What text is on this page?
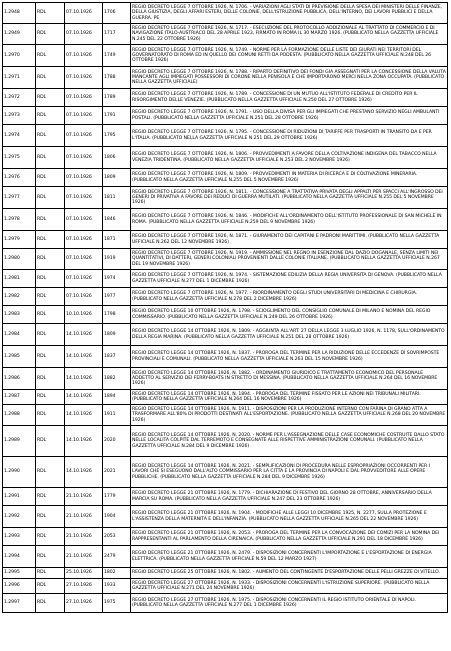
1.2948	RDL	07.10.1926	1706	REGIO DECRETO LEGGE 7 OTTOBRE 1926, N. 1706. - VARIAZIONI AGLI STATI DI PREVISIONE DELLA SPESA DEI MINISTERI DELLE FINANZE, DELLA GIUSTIZIA, DEGLI AFFARI ESTERI, DELLE COLONIE, DELL'ISTRUZIONE PUBBLICA, DELL'INTERNO, DEI LAVORI PUBBLICI E DELLA GUERRA. PE
1.2949	RDL	07.10.1926	1717	REGIO DECRETO LEGGE 7 OTTOBRE 1926, N. 1717. - ESECUZIONE DEL PROTOCOLLO ADDIZIONALE AL TRATTATO DI COMMERCIO E DI NAVIGAZIONE ITALO-AUSTRIACO DEL 28 APRILE 1923, FIRMATO IN ROMA IL 30 MARZO 1926. (PUBBLICATO NELLA GAZZETTA UFFICIALE N.245 DEL 22 OTTOBRE 1926)
1.2970	RDL	07.10.1926	1749	REGIO DECRETO LEGGE 7 OTTOBRE 1926, N. 1749. - NORME PER LA FORMAZIONE DELLE LISTE DEI GIURATI NEI TERRITORI DEL GOVERNATORATO DI ROMA ED IN QUELLO DEI COMUNI RETTI DA PODESTA. (PUBBLICATO NELLA GAZZETTA UFFICIALE N.248 DEL 26 OTTOBRE 1926)
1.2971	RDL	07.10.1926	1788	REGIO DECRETO LEGGE 7 OTTOBRE 1926, N. 1788. - RIPARTO DEFINITIVO DEI FONDI GIA ASSEGNATI PER LA CONCESSIONE DELLA VALUTA MANCANTE AGLI IMPIEGATI POSSESSORI DI CORONE NELLA PENISOLA E CHE IMPORTARONO MERCI NELLA ZONA OCCUPATA. (PUBBLICATO NELLA GAZZETTA UFFICIALE)
1.2972	RDL	07.10.1926	1789	REGIO DECRETO LEGGE 7 OTTOBRE 1926, N. 1789. - CONCESSIONE DI UN MUTUO ALL'ISTITUTO FEDERALE DI CREDITO PER IL RISORGIMENTO DELLE VENEZIE. (PUBBLICATO NELLA GAZZETTA UFFICIALE N.250 DEL 27 OTTOBRE 1926)
1.2973	RDL	07.10.1926	1791	REGIO DECRETO LEGGE 7 OTTOBRE 1926, N. 1791. - USO DELLA DIVISA PER GLI IMPIEGATI CHE PRESTANO SERVIZIO NEGLI AMBULANTI POSTALI. (PUBBLICATO NELLA GAZZETTA UFFICIALE N.251 DEL 28 OTTOBRE 1926)
1.2974	RDL	07.10.1926	1795	REGIO DECRETO LEGGE 7 OTTOBRE 1926, N. 1795. - CONCESSIONE DI RIDUZIONI DI TARIFFE PER TRASPORTI IN TRANSITO DA E PER L'ITALIA. (PUBBLICATO NELLA GAZZETTA UFFICIALE N.251 DEL 29 OTTOBRE 1926)
1.2975	RDL	07.10.1926	1806	REGIO DECRETO LEGGE 7 OTTOBRE 1926, N. 1806. - PROVVEDIMENTI A FAVORE DELLA COLTIVAZIONE INDIGENA DEL TABACCO NELLA VENEZIA TRIDENTINA. (PUBBLICATO NELLA GAZZETTA UFFICIALE N.253 DEL 2 NOVEMBRE 1926)
1.2976	RDL	07.10.1926	1809	REGIO DECRETO LEGGE 7 OTTOBRE 1926, N. 1809. - PROVVEDIMENTI IN MATERIA DI RICERCA E DI COLTIVAZIONE MINERARIA. (PUBBLICATO NELLA GAZZETTA UFFICIALE N.255 DEL 5 NOVEMBRE 1926)
1.2977	RDL	07.10.1926	1811	REGIO DECRETO LEGGE 7 OTTOBRE 1926, N. 1811. - CONCESSIONE A TRATTATIVA PRIVATA DEGLI APPALTI PER SPACCI ALL'INGROSSO DEI GENERI DI PRIVATIVA A FAVORE DEI REDUCI DI GUERRA MUTILATI. (PUBBLICATO NELLA GAZZETTA UFFICIALE N.255 DEL 5 NOVEMBRE 1926)
1.2978	RDL	07.10.1926	1846	REGIO DECRETO LEGGE 7 OTTOBRE 1926, N. 1846. - MODIFICHE ALL'ORDINAMENTO DELL'ISTITUTO PROFESSIONALE DI SAN MICHELE IN ROMA. (PUBBLICATO NELLA GAZZETTA UFFICIALE N.259 DEL 9 NOVEMBRE 1926)
1.2979	RDL	07.10.1926	1871	REGIO DECRETO LEGGE 7 OTTOBRE 1926, N. 1871. - GIURAMENTO DEI CAPITANI E PADRONI MARITTIMI. (PUBBLICATO NELLA GAZZETTA UFFICIALE N.262 DEL 12 NOVEMBRE 1926)
1.2980	RDL	07.10.1926	1919	REGIO DECRETO LEGGE 7 OTTOBRE 1926, N. 1919. - AMMISSIONE NEL REGNO IN ESENZIONE DAL DAZIO DOGANALE, SENZA LIMITI NEI QUANTITATIVI, DI DATTERI, GENERI COLONIALI PROVENIENTI DALLE COLONIE ITALIANE. (PUBBLICATO NELLA GAZZETTA UFFICIALE N.267 DEL 19 NOVEMBRE 1926)
1.2981	RDL	07.10.1926	1974	REGIO DECRETO LEGGE 7 OTTOBRE 1926, N. 1974. - SISTEMAZIONE EDILIZIA DELLA REGIA UNIVERSITA DI GENOVA. (PUBBLICATO NELLA GAZZETTA UFFICIALE N.277 DEL 1 DICEMBRE 1926)
1.2982	RDL	07.10.1926	1977	REGIO DECRETO LEGGE 7 OTTOBRE 1926, N. 1977. - RIORDINAMENTO DEGLI STUDI UNIVERSITARI DI MEDICINA E CHIRURGIA. (PUBBLICATO NELLA GAZZETTA UFFICIALE N.278 DEL 2 DICEMBRE 1926)
1.2983	RDL	10.10.1926	1798	REGIO DECRETO LEGGE 10 OTTOBRE 1926, N. 1798. - SCIOGLIMENTO DEL CONSIGLIO COMUNALE DI MILANO E NOMINA DEL REGIO COMMISSARIO. (PUBBLICATO NELLA GAZZETTA UFFICIALE N.249 DEL 26 OTTOBRE 1926)
1.2984	RDL	14.10.1926	1809	REGIO DECRETO LEGGE 14 OTTOBRE 1926, N. 1809. - AGGIUNTA ALL'ART. 27 DELLA LEGGE 3 LUGLIO 1926, N. 1178, SULL'ORDINAMENTO DELLA REGIA MARINA. (PUBBLICATO NELLA GAZZETTA UFFICIALE N.251 DEL 28 OTTOBRE 1926)
1.2985	RDL	14.10.1926	1837	REGIO DECRETO LEGGE 14 OTTOBRE 1926, N. 1837. - PROROGA DEL TERMINE PER LA RIDUZIONE DELLE ECCEDENZE DI SOVRIMPOSTE PROVINCIALI E COMUNALI. (PUBBLICATO NELLA GAZZETTA UFFICIALE N.263 DEL 15 NOVEMBRE 1926)
1.2986	RDL	14.10.1926	1882	REGIO DECRETO LEGGE 14 OTTOBRE 1926, N. 1882. - ORDINAMENTO GIURIDICO E TRATTAMENTO ECONOMICO DEL PERSONALE ADDETTO AL SERVIZIO DEI FERRY-BOATS IN STRETTO DI MESSINA. (PUBBLICATO NELLA GAZZETTA UFFICIALE N.264 DEL 16 NOVEMBRE 1926)
1.2987	RDL	14.10.1926	1894	REGIO DECRETO LEGGE 14 OTTOBRE 1926, N. 1894. - PROROGA DEL TERMINE FISSATO PER LE AZIONI NEI TRIBUNALI MILITARI. (PUBBLICATO NELLA GAZZETTA UFFICIALE N.264 DEL 16 NOVEMBRE 1926)
1.2988	RDL	14.10.1926	1911	REGIO DECRETO LEGGE 14 OTTOBRE 1926, N. 1911. - DISPOSIZIONI PER LA PRODUZIONE INTERNO CON FARINA DI GRANO ATTA A TRASFORMARE ALL'80% DI PRODOTTI DESTINATI ALL'ESPORTAZIONE. (PUBBLICATO NELLA GAZZETTA UFFICIALE N.268 DEL 20 NOVEMBRE 1926)
1.2989	RDL	14.10.1926	2020	REGIO DECRETO LEGGE 14 OTTOBRE 1926, N. 2020. - NORME PER L'ASSEGNAZIONE DELLE CASE ECONOMICHE COSTRUITE DALLO STATO NELLE LOCALITA COLPITE DAL TERREMOTO E CONSEGNATE ALLE RISPETTIVE AMMINISTRAZIONI COMUNALI. (PUBBLICATO NELLA GAZZETTA UFFICIALE N.284 DEL 9 DICEMBRE 1926)
1.2990	RDL	14.10.1926	2021	REGIO DECRETO LEGGE 14 OTTOBRE 1926, N. 2021. - SEMPLIFICAZIONI DI PROCEDURA NELLE ESPROPRIAZIONI OCCORRENTI PER I LAVORI CHE SI ESEGUONO DALL'ALTO COMMISSARIO PER LA CITTA E LA PROVINCIA DI NAPOLI E DAL PROVVEDITORE ALLE OPERE PUBBLICHE. (PUBBLICATO NELLA GAZZETTA UFFICIALE N.284 DEL 9 DICEMBRE 1926)
1.2991	RDL	21.10.1926	1779	REGIO DECRETO LEGGE 21 OTTOBRE 1926, N. 1779. - DICHIARAZIONE DI FESTIVO DEL GIORNO 28 OTTOBRE, ANNIVERSARIO DELLA MARCIA SU ROMA. (PUBBLICATO NELLA GAZZETTA UFFICIALE N.247 DEL 23 OTTOBRE 1926)
1.2992	RDL	21.10.1926	1904	REGIO DECRETO LEGGE 21 OTTOBRE 1926, N. 1904. - MODIFICHE ALLE LEGGI 10 DICEMBRE 1925, N. 2277, SULLA PROTEZIONE E L'ASSISTENZA DELLA MATERNITA E DELL'INFANZIA. (PUBBLICATO NELLA GAZZETTA UFFICIALE N.265 DEL 22 NOVEMBRE 1926)
1.2993	RDL	21.10.1926	2053	REGIO DECRETO LEGGE 21 OTTOBRE 1926, N. 2053. - PROROGA DEL TERMINE PER LA CONVOCAZIONE DEI COMIZI PER LA NOMINA DEI RAPPRESENTANTI AL PARLAMENTO DELLA CIRENAICA. (PUBBLICATO NELLA GAZZETTA UFFICIALE N.291 DEL 18 DICEMBRE 1926)
1.2994	RDL	21.10.1926	2479	REGIO DECRETO LEGGE 21 OTTOBRE 1926, N. 2479. - DISPOSIZIONI CONCERNENTI L'IMPORTAZIONE E L'ESPORTAZIONE DI ENERGIA ELETTRICA. (PUBBLICATO NELLA GAZZETTA UFFICIALE N.59 DEL 12 MARZO 1927)
1.2995	RDL	25.10.1926	1802	REGIO DECRETO LEGGE 25 OTTOBRE 1926, N. 1802. - AUMENTO DEL CONTINGENTE D'ESPORTAZIONE DELLE PELLI GREZZE DI VITELLO.
1.2996	RDL	27.10.1926	1933	REGIO DECRETO LEGGE 27 OTTOBRE 1926, N. 1933. - DISPOSIZIONI CONCERNENTI L'ISTRUZIONE SUPERIORE. (PUBBLICATO NELLA GAZZETTA UFFICIALE N.271 DEL 24 NOVEMBRE 1926)
1.2997	RDL	27.10.1926	1975	REGIO DECRETO LEGGE 27 OTTOBRE 1926, N. 1975. - DISPOSIZIONI CONCERNENTI IL REGIO ISTITUTO ORIENTALE DI NAPOLI. (PUBBLICATO NELLA GAZZETTA UFFICIALE N.277 DEL 1 DICEMBRE 1926)
